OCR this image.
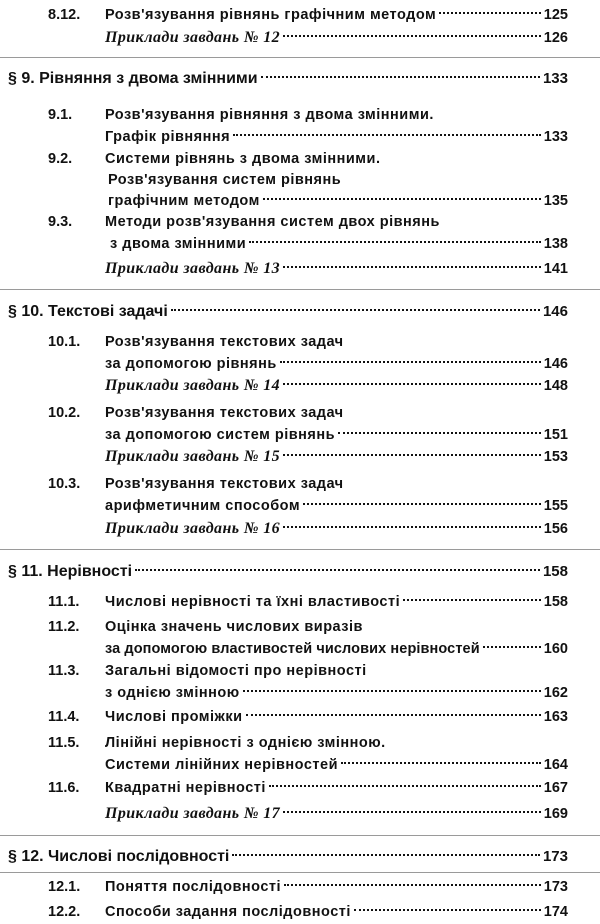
8.12.	Розв'язування рівнянь графічним методом	125
Приклади завдань № 12	126
§ 9. Рівняння з двома змінними	133
9.1.	Розв'язування рівняння з двома змінними.
Графік рівняння	133
9.2.	Системи рівнянь з двома змінними.
Розв'язування систем рівнянь
графічним методом	135
9.3.	Методи розв'язування систем двох рівнянь
з двома змінними	138
Приклади завдань № 13	141
§ 10. Текстові задачі	146
10.1.	Розв'язування текстових задач
за допомогою рівнянь	146
Приклади завдань № 14	148
10.2.	Розв'язування текстових задач
за допомогою систем рівнянь	151
Приклади завдань № 15	153
10.3.	Розв'язування текстових задач
арифметичним способом	155
Приклади завдань № 16	156
§ 11. Нерівності	158
11.1.	Числові нерівності та їхні властивості	158
11.2.	Оцінка значень числових виразів
за допомогою властивостей числових нерівностей	160
11.3.	Загальні відомості про нерівності
з однією змінною	162
11.4.	Числові проміжки	163
11.5.	Лінійні нерівності з однією змінною.
Системи лінійних нерівностей	164
11.6.	Квадратні нерівності	167
Приклади завдань № 17	169
§ 12. Числові послідовності	173
12.1.	Поняття послідовності	173
12.2.	Способи задання послідовності	174
